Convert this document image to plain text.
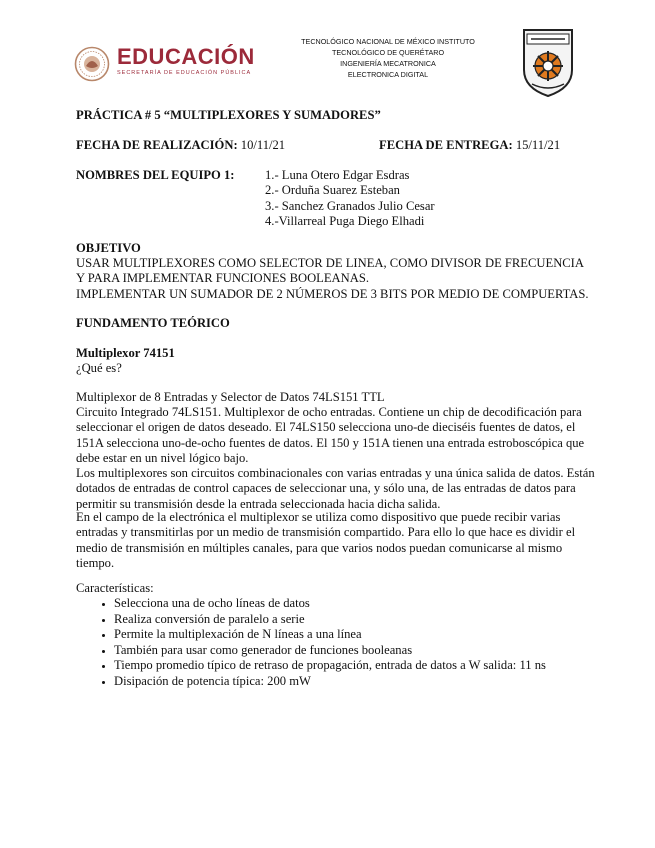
EDUCACIÓN
SECRETARÍA DE EDUCACIÓN PÚBLICA
TECNOLÓGICO NACIONAL DE MÉXICO INSTITUTO
TECNOLÓGICO DE QUERÉTARO
INGENIERÍA MECATRONICA
ELECTRONICA DIGITAL
PRÁCTICA # 5 “MULTIPLEXORES Y SUMADORES”
FECHA DE REALIZACIÓN: 10/11/21	FECHA DE ENTREGA: 15/11/21
NOMBRES DEL EQUIPO 1: 1.- Luna Otero Edgar Esdras
2.- Orduña Suarez Esteban
3.- Sanchez Granados Julio Cesar
4.-Villarreal Puga Diego Elhadi
OBJETIVO
USAR MULTIPLEXORES COMO SELECTOR DE LINEA, COMO DIVISOR DE FRECUENCIA
Y PARA IMPLEMENTAR FUNCIONES BOOLEANAS.
IMPLEMENTAR UN SUMADOR DE 2 NÚMEROS DE 3 BITS POR MEDIO DE COMPUERTAS.
FUNDAMENTO TEÓRICO
Multiplexor 74151
¿Qué es?
Multiplexor de 8 Entradas y Selector de Datos 74LS151 TTL
Circuito Integrado 74LS151. Multiplexor de ocho entradas. Contiene un chip de decodificación para
seleccionar el origen de datos deseado. El 74LS150 selecciona uno-de dieciséis fuentes de datos, el
151A selecciona uno-de-ocho fuentes de datos. El 150 y 151A tienen una entrada estroboscópica que
debe estar en un nivel lógico bajo.
Los multiplexores son circuitos combinacionales con varias entradas y una única salida de datos. Están
dotados de entradas de control capaces de seleccionar una, y sólo una, de las entradas de datos para
permitir su transmisión desde la entrada seleccionada hacia dicha salida.
En el campo de la electrónica el multiplexor se utiliza como dispositivo que puede recibir varias
entradas y transmitirlas por un medio de transmisión compartido. Para ello lo que hace es dividir el
medio de transmisión en múltiples canales, para que varios nodos puedan comunicarse al mismo
tiempo.
Características:
• Selecciona una de ocho líneas de datos
• Realiza conversión de paralelo a serie
• Permite la multiplexación de N líneas a una línea
• También para usar como generador de funciones booleanas
• Tiempo promedio típico de retraso de propagación, entrada de datos a W salida: 11 ns
• Disipación de potencia típica: 200 mW
